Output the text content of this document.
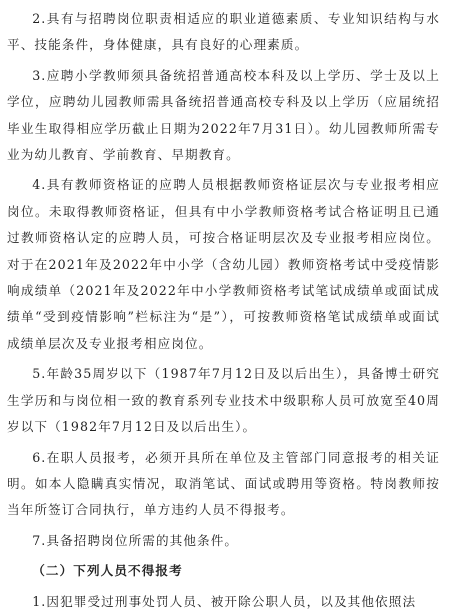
2.具有与招聘岗位职责相适应的职业道德素质、专业知识结构与水平、技能条件，身体健康，具有良好的心理素质。

3.应聘小学教师须具备统招普通高校本科及以上学历、学士及以上学位，应聘幼儿园教师需具备统招普通高校专科及以上学历（应届统招毕业生取得相应学历截止日期为2022年7月31日）。幼儿园教师所需专业为幼儿教育、学前教育、早期教育。

4.具有教师资格证的应聘人员根据教师资格证层次与专业报考相应岗位。未取得教师资格证，但具有中小学教师资格考试合格证明且已通过教师资格认定的应聘人员，可按合格证明层次及专业报考相应岗位。对于在2021年及2022年中小学（含幼儿园）教师资格考试中受疫情影响成绩单（2021年及2022年中小学教师资格考试笔试成绩单或面试成绩单“受到疫情影响”栏标注为“是”），可按教师资格笔试成绩单或面试成绩单层次及专业报考相应岗位。

5.年龄35周岁以下（1987年7月12日及以后出生），具备博士研究生学历和与岗位相一致的教育系列专业技术中级职称人员可放宽至40周岁以下（1982年7月12日及以后出生）。

6.在职人员报考，必须开具所在单位及主管部门同意报考的相关证明。如本人隐瞒真实情况，取消笔试、面试或聘用等资格。特岗教师按当年所签订合同执行，单方违约人员不得报考。

7.具备招聘岗位所需的其他条件。

（二）下列人员不得报考

1.因犯罪受过刑事处罚人员、被开除公职人员，以及其他依照法
